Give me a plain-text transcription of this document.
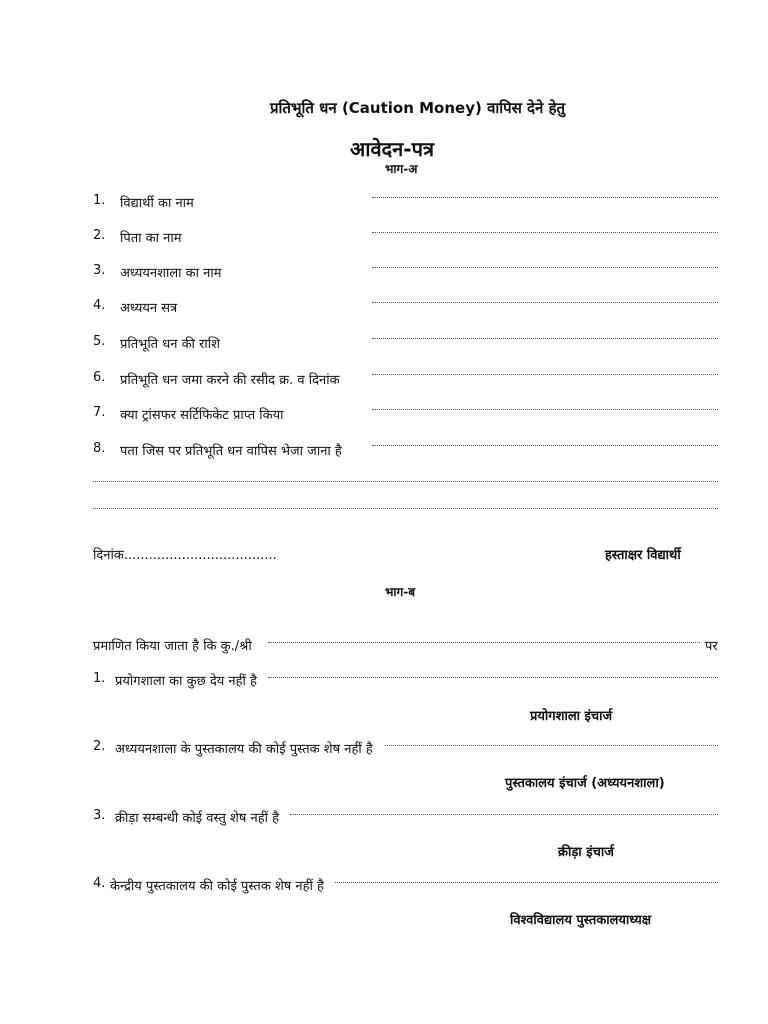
प्रतिभूति धन (Caution Money) वापिस देने हेतु
आवेदन-पत्र
भाग-अ
1. विद्यार्थी का नाम
2. पिता का नाम
3. अध्ययनशाला का नाम
4. अध्ययन सत्र
5. प्रतिभूति धन की राशि
6. प्रतिभूति धन जमा करने की रसीद क्र. व दिनांक
7. क्या ट्रांसफर सर्टिफिकेट प्राप्त किया
8. पता जिस पर प्रतिभूति धन वापिस भेजा जाना है
दिनांक.....................................	हस्ताक्षर विद्यार्थी
भाग-ब
प्रमाणित किया जाता है कि कु./श्री	पर
1. प्रयोगशाला का कुछ देय नहीं है
प्रयोगशाला इंचार्ज
2. अध्ययनशाला के पुस्तकालय की कोई पुस्तक शेष नहीं है
पुस्तकालय इंचार्ज (अध्ययनशाला)
3. क्रीड़ा सम्बन्धी कोई वस्तु शेष नहीं है
क्रीड़ा इंचार्ज
4. केन्द्रीय पुस्तकालय की कोई पुस्तक शेष नहीं है
विश्वविद्यालय पुस्तकालयाध्यक्ष
